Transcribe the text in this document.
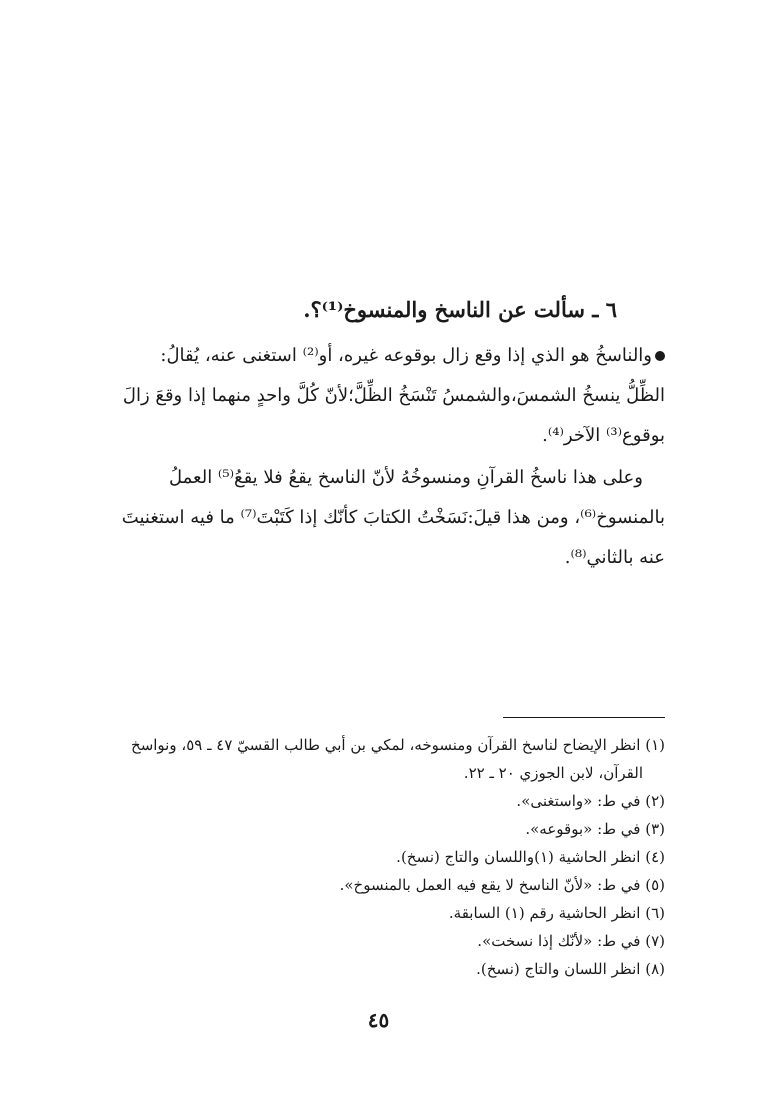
٦ ـ سألت عن الناسخ والمنسوخ⁽¹⁾؟.
والناسخُ هو الذي إذا وقع زال بوقوعه غيره، أو⁽²⁾ استغنى عنه، يُقالُ:
الظِّلُّ ينسخُ الشمسَ،والشمسُ تَنْسَخُ الظِّلَّ؛لأنّ كُلَّ واحدٍ منهما إذا وقعَ زالَ
بوقوع⁽³⁾ الآخر⁽⁴⁾.
وعلى هذا ناسخُ القرآنِ ومنسوخُهُ لأنّ الناسخ يقعُ فلا يقعُ⁽⁵⁾ العملُ
بالمنسوخ⁽⁶⁾، ومن هذا قيلَ:نَسَخْتُ الكتابَ كأنّك إذا كَتَبْتَ⁽⁷⁾ ما فيه استغنيتَ
عنه بالثاني⁽⁸⁾.
(١) انظر الإيضاح لناسخ القرآن ومنسوخه، لمكي بن أبي طالب القسيّ ٤٧ ـ ٥٩، ونواسخ
القرآن، لابن الجوزي ٢٠ ـ ٢٢.
(٢) في ط: «واستغنى».
(٣) في ط: «بوقوعه».
(٤) انظر الحاشية (١)واللسان والتاج (نسخ).
(٥) في ط: «لأنّ الناسخ لا يقع فيه العمل بالمنسوخ».
(٦) انظر الحاشية رقم (١) السابقة.
(٧) في ط: «لأنّك إذا نسخت».
(٨) انظر اللسان والتاج (نسخ).
٤٥
